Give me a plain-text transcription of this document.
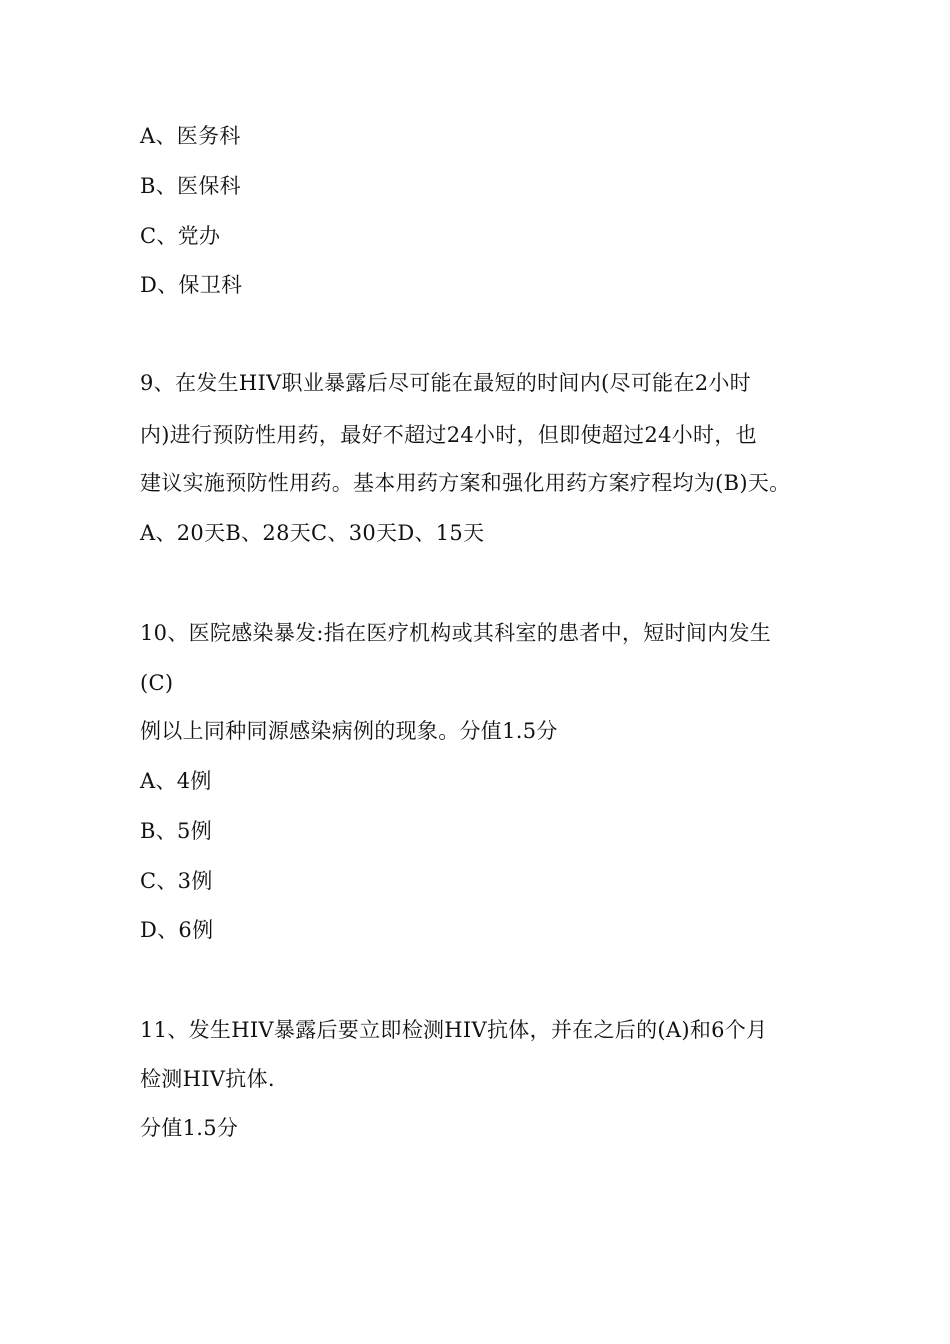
A、医务科
B、医保科
C、党办
D、保卫科
9、在发生HIV职业暴露后尽可能在最短的时间内(尽可能在2小时
内)进行预防性用药，最好不超过24小时，但即使超过24小时，也
建议实施预防性用药。基本用药方案和强化用药方案疗程均为(B)天。
A、20天B、28天C、30天D、15天
10、医院感染暴发:指在医疗机构或其科室的患者中，短时间内发生
(C)
例以上同种同源感染病例的现象。分值1.5分
A、4例
B、5例
C、3例
D、6例
11、发生HIV暴露后要立即检测HIV抗体，并在之后的(A)和6个月
检测HIV抗体.
分值1.5分
